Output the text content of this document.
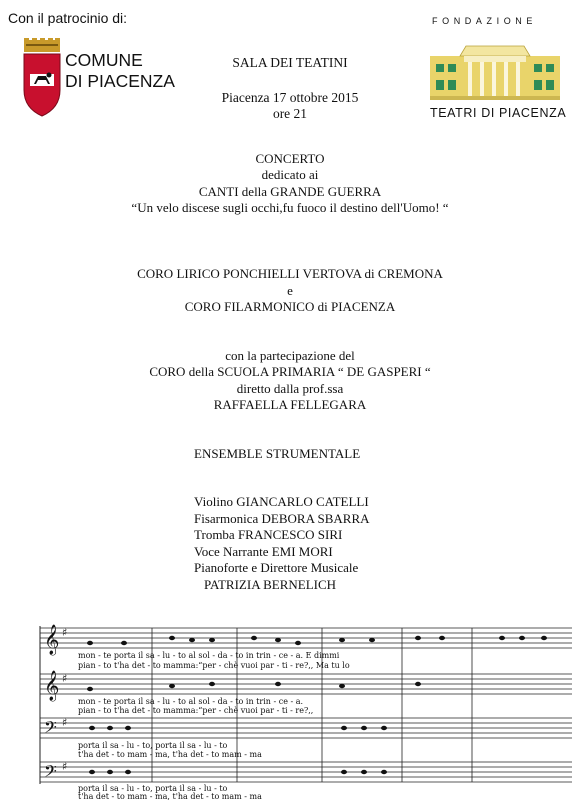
Con il patrocinio di:
COMUNE
DI PIACENZA
FONDAZIONE
TEATRI DI PIACENZA
SALA DEI TEATINI
Piacenza 17 ottobre 2015
ore 21
CONCERTO
dedicato ai
CANTI della GRANDE GUERRA
“Un velo discese sugli occhi,fu fuoco il destino dell'Uomo! “
CORO LIRICO PONCHIELLI VERTOVA di CREMONA
e
CORO FILARMONICO di PIACENZA
con la partecipazione del
CORO della SCUOLA PRIMARIA “ DE GASPERI “
diretto dalla prof.ssa
RAFFAELLA FELLEGARA
ENSEMBLE STRUMENTALE
Violino GIANCARLO CATELLI
Fisarmonica DEBORA SBARRA
Tromba FRANCESCO SIRI
Voce Narrante EMI MORI
Pianoforte e Direttore Musicale
PATRIZIA BERNELICH
𝄞
𝄞
𝄢
𝄢
♯
♯
♯
♯
mon - te porta il sa - lu - to al sol - da - to in trin - ce - a. E dimmi
pian - to t'ha det - to mamma:“per - chè vuoi par - ti - re?,, Ma tu lo
mon - te porta il sa - lu - to al sol - da - to in trin - ce - a.
pian - to t'ha det - to mamma:“per - chè vuoi par - ti - re?,,
porta il sa - lu - to, porta il sa - lu - to
t'ha det - to mam - ma, t'ha det - to mam - ma
porta il sa - lu - to, porta il sa - lu - to
t'ha det - to mam - ma, t'ha det - to mam - ma
